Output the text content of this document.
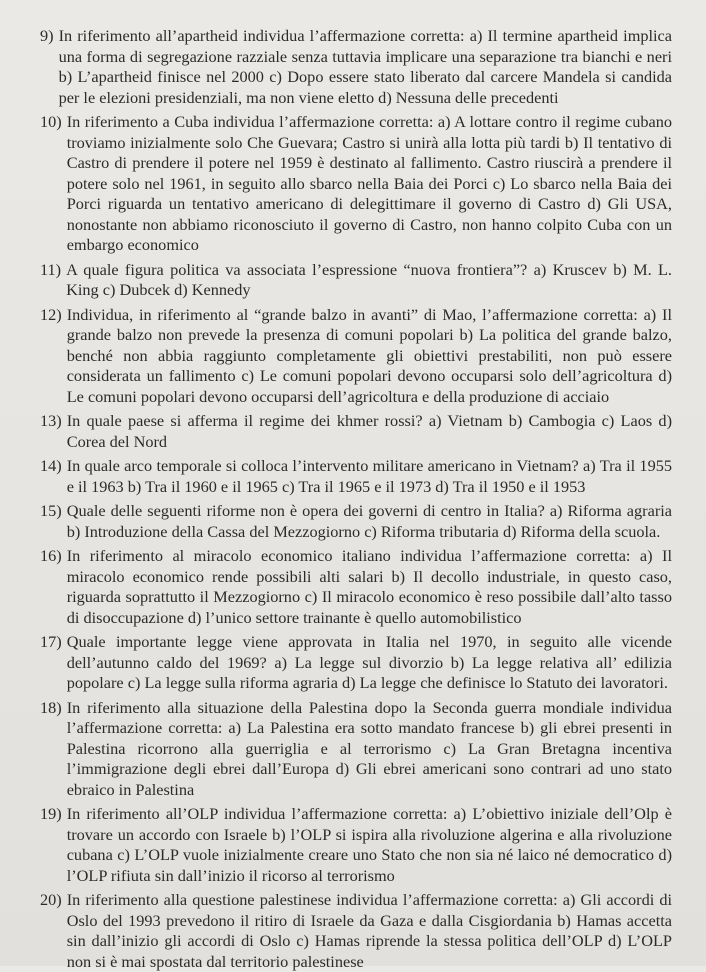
9) In riferimento all’apartheid individua l’affermazione corretta: a) Il termine apartheid implica una forma di segregazione razziale senza tuttavia implicare una separazione tra bianchi e neri b) L’apartheid finisce nel 2000 c) Dopo essere stato liberato dal carcere Mandela si candida per le elezioni presidenziali, ma non viene eletto d) Nessuna delle precedenti
10) In riferimento a Cuba individua l’affermazione corretta: a) A lottare contro il regime cubano troviamo inizialmente solo Che Guevara; Castro si unirà alla lotta più tardi b) Il tentativo di Castro di prendere il potere nel 1959 è destinato al fallimento. Castro riuscirà a prendere il potere solo nel 1961, in seguito allo sbarco nella Baia dei Porci c) Lo sbarco nella Baia dei Porci riguarda un tentativo americano di delegittimare il governo di Castro d) Gli USA, nonostante non abbiamo riconosciuto il governo di Castro, non hanno colpito Cuba con un embargo economico
11) A quale figura politica va associata l’espressione “nuova frontiera”? a) Kruscev b) M. L. King c) Dubcek d) Kennedy
12) Individua, in riferimento al “grande balzo in avanti” di Mao, l’affermazione corretta: a) Il grande balzo non prevede la presenza di comuni popolari b) La politica del grande balzo, benché non abbia raggiunto completamente gli obiettivi prestabiliti, non può essere considerata un fallimento c) Le comuni popolari devono occuparsi solo dell’agricoltura d) Le comuni popolari devono occuparsi dell’agricoltura e della produzione di acciaio
13) In quale paese si afferma il regime dei khmer rossi? a) Vietnam b) Cambogia c) Laos d) Corea del Nord
14) In quale arco temporale si colloca l’intervento militare americano in Vietnam? a) Tra il 1955 e il 1963 b) Tra il 1960 e il 1965 c) Tra il 1965 e il 1973 d) Tra il 1950 e il 1953
15) Quale delle seguenti riforme non è opera dei governi di centro in Italia? a) Riforma agraria b) Introduzione della Cassa del Mezzogiorno c) Riforma tributaria d) Riforma della scuola.
16) In riferimento al miracolo economico italiano individua l’affermazione corretta: a) Il miracolo economico rende possibili alti salari b) Il decollo industriale, in questo caso, riguarda soprattutto il Mezzogiorno c) Il miracolo economico è reso possibile dall’alto tasso di disoccupazione d) l’unico settore trainante è quello automobilistico
17) Quale importante legge viene approvata in Italia nel 1970, in seguito alle vicende dell’autunno caldo del 1969? a) La legge sul divorzio b) La legge relativa all’ edilizia popolare c) La legge sulla riforma agraria d) La legge che definisce lo Statuto dei lavoratori.
18) In riferimento alla situazione della Palestina dopo la Seconda guerra mondiale individua l’affermazione corretta: a) La Palestina era sotto mandato francese b) gli ebrei presenti in Palestina ricorrono alla guerriglia e al terrorismo c) La Gran Bretagna incentiva l’immigrazione degli ebrei dall’Europa d) Gli ebrei americani sono contrari ad uno stato ebraico in Palestina
19) In riferimento all’OLP individua l’affermazione corretta: a) L’obiettivo iniziale dell’Olp è trovare un accordo con Israele b) l’OLP si ispira alla rivoluzione algerina e alla rivoluzione cubana c) L’OLP vuole inizialmente creare uno Stato che non sia né laico né democratico d) l’OLP rifiuta sin dall’inizio il ricorso al terrorismo
20) In riferimento alla questione palestinese individua l’affermazione corretta: a) Gli accordi di Oslo del 1993 prevedono il ritiro di Israele da Gaza e dalla Cisgiordania b) Hamas accetta sin dall’inizio gli accordi di Oslo c) Hamas riprende la stessa politica dell’OLP d) L’OLP non si è mai spostata dal territorio palestinese
